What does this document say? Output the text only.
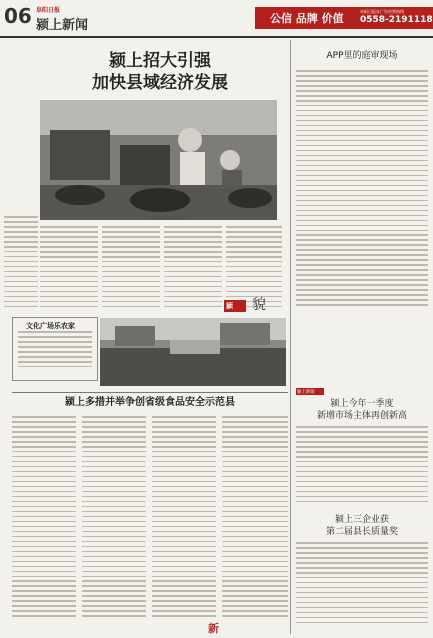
06 阜阳日报
颍上新闻	公信 品牌 价值
阜阳日报社广告经营热线
0558-2191118
颍上招大引强
加快县域经济发展
颍上县重点企业生产车间
文化广场乐农家
颍上多措并举争创省级食品安全示范县
APP里的庭审现场
颍 貌
颍上新闻
颍上今年一季度
新增市场主体再创新高
颍上三企业获
第二届县长质量奖
新
